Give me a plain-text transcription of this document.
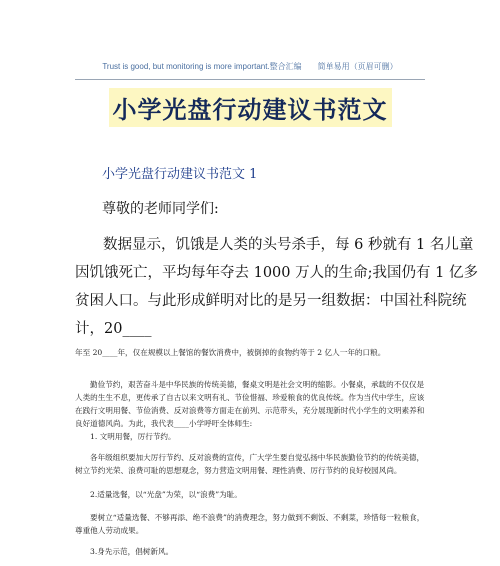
Trust is good, but monitoring is more important.整合汇编　　简单易用（页眉可删）
小学光盘行动建议书范文
小学光盘行动建议书范文 1
尊敬的老师同学们:
数据显示，饥饿是人类的头号杀手，每 6 秒就有 1 名儿童
因饥饿死亡，平均每年夺去 1000 万人的生命;我国仍有 1 亿多
贫困人口。与此形成鲜明对比的是另一组数据：中国社科院统
计，20____
年至 20____年，仅在规模以上餐馆的餐饮消费中，被倒掉的食物约等于 2 亿人一年的口粮。
勤俭节约，艰苦奋斗是中华民族的传统美德，餐桌文明是社会文明的缩影。小餐桌，承载的不仅仅是
人类的生生不息，更传承了自古以来文明有礼、节俭惜福、珍爱粮食的优良传统。作为当代中学生，应该
在践行文明用餐、节俭消费、反对浪费等方面走在前列、示范带头，充分展现新时代小学生的文明素养和
良好道德风尚。为此，我代表____小学呼吁全体师生:
1. 文明用餐，厉行节约。
各年级组织要加大厉行节约、反对浪费的宣传，广大学生要自觉弘扬中华民族勤俭节约的传统美德，
树立节约光荣、浪费可耻的思想观念，努力营造文明用餐、理性消费、厉行节约的良好校园风尚。
2.适量选餐，以“光盘”为荣，以“浪费”为耻。
要树立“适量选餐、不够再添、绝不浪费”的消费理念，努力做到不剩饭、不剩菜，珍惜每一粒粮食，
尊重他人劳动成果。
3.身先示范，倡树新风。
